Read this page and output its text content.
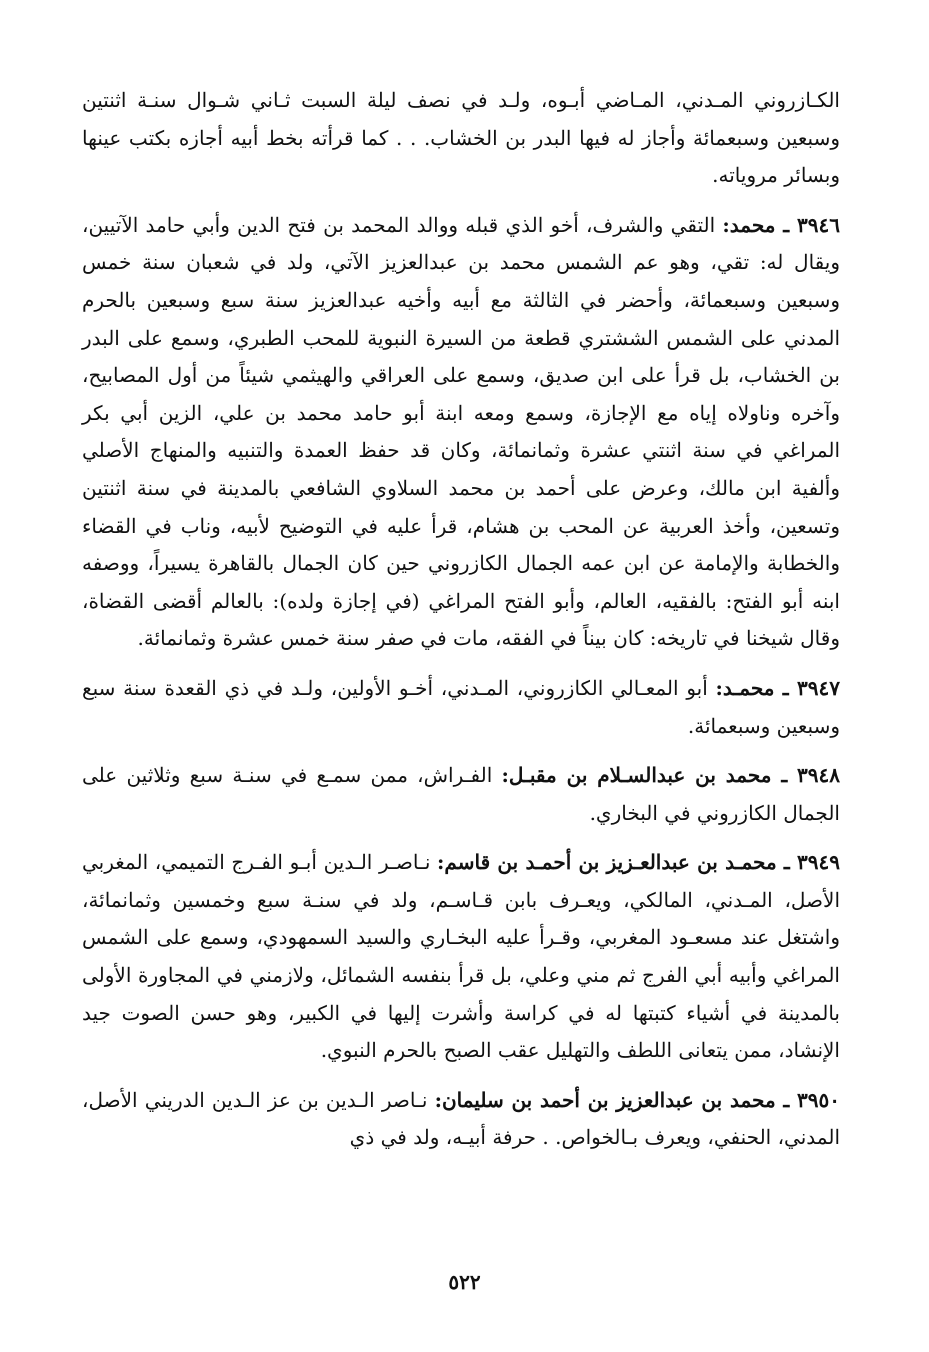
الكـازروني المـدني، المـاضي أبـوه، ولـد في نصف ليلة السبت ثـاني شـوال سنـة اثنتين وسبعين وسبعمائة وأجاز له فيها البدر بن الخشاب. . . كما قرأته بخط أبيه أجازه بكتب عينها وبسائر مروياته.

٣٩٤٦ ـ محمد: التقي والشرف، أخو الذي قبله ووالد المحمد بن فتح الدين وأبي حامد الآتيين، ويقال له: تقي، وهو عم الشمس محمد بن عبدالعزيز الآتي، ولد في شعبان سنة خمس وسبعين وسبعمائة، وأحضر في الثالثة مع أبيه وأخيه عبدالعزيز سنة سبع وسبعين بالحرم المدني على الشمس الششتري قطعة من السيرة النبوية للمحب الطبري، وسمع على البدر بن الخشاب، بل قرأ على ابن صديق، وسمع على العراقي والهيثمي شيئاً من أول المصابيح، وآخره وناولاه إياه مع الإجازة، وسمع ومعه ابنة أبو حامد محمد بن علي، الزين أبي بكر المراغي في سنة اثنتي عشرة وثمانمائة، وكان قد حفظ العمدة والتنبيه والمنهاج الأصلي وألفية ابن مالك، وعرض على أحمد بن محمد السلاوي الشافعي بالمدينة في سنة اثنتين وتسعين، وأخذ العربية عن المحب بن هشام، قرأ عليه في التوضيح لأبيه، وناب في القضاء والخطابة والإمامة عن ابن عمه الجمال الكازروني حين كان الجمال بالقاهرة يسيراً، ووصفه ابنه أبو الفتح: بالفقيه، العالم، وأبو الفتح المراغي (في إجازة ولده): بالعالم أقضى القضاة، وقال شيخنا في تاريخه: كان بيناً في الفقه، مات في صفر سنة خمس عشرة وثمانمائة.

٣٩٤٧ ـ محمـد: أبو المعـالي الكازروني، المـدني، أخـو الأولين، ولـد في ذي القعدة سنة سبع وسبعين وسبعمائة.

٣٩٤٨ ـ محمد بن عبدالسـلام بن مقبـل: الفـراش، ممن سمـع في سنـة سبع وثلاثين على الجمال الكازروني في البخاري.

٣٩٤٩ ـ محمـد بن عبدالعـزيز بن أحمـد بن قاسم: نـاصـر الـدين أبـو الفـرج التميمي، المغربي الأصل، المـدني، المالكي، ويعـرف بابن قـاسـم، ولد في سنـة سبع وخمسين وثمانمائة، واشتغل عند مسعـود المغربي، وقـرأ عليه البخـاري والسيد السمهودي، وسمع على الشمس المراغي وأبيه أبي الفرج ثم مني وعلي، بل قرأ بنفسه الشمائل، ولازمني في المجاورة الأولى بالمدينة في أشياء كتبتها له في كراسة وأشرت إليها في الكبير، وهو حسن الصوت جيد الإنشاد، ممن يتعانى اللطف والتهليل عقب الصبح بالحرم النبوي.

٣٩٥٠ ـ محمد بن عبدالعزيز بن أحمد بن سليمان: نـاصر الـدين بن عز الـدين الدريني الأصل، المدني، الحنفي، ويعرف بـالخواص. . حرفة أبيـه، ولد في ذي

٥٢٢
